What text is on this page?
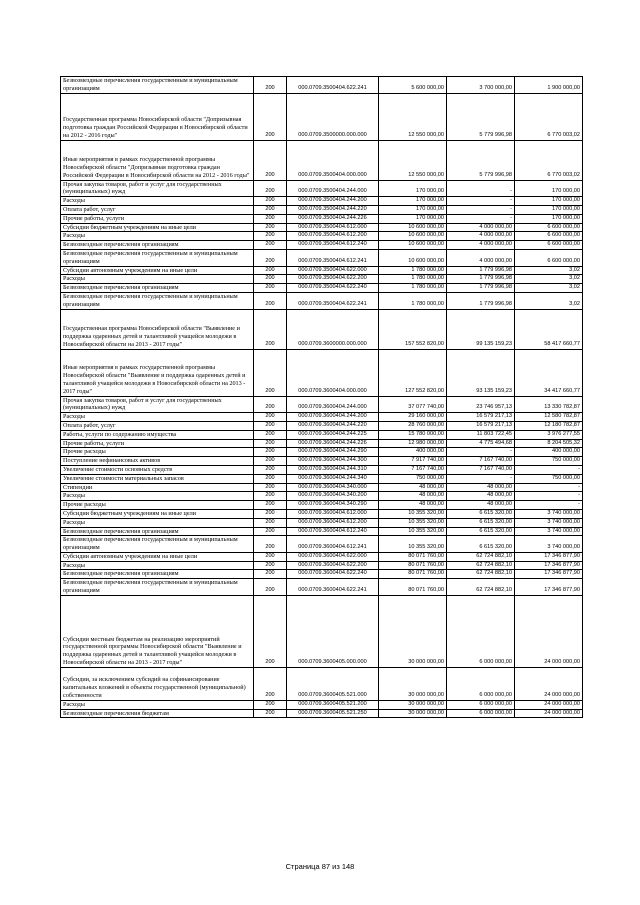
Безвозмездные перечисления государственным и муниципальным организациям	200	000.0709.3500404.622.241	5 600 000,00	3 700 000,00	1 900 000,00
Государственная программа Новосибирской области "Допризывная подготовка граждан Российской Федерации в Новосибирской области на 2012 - 2016 годы"	200	000.0709.3500000.000.000	12 550 000,00	5 779 996,98	6 770 003,02
Иные мероприятия в рамках государственной программы Новосибирской области "Допризывная подготовка граждан Российской Федерации в Новосибирской области на 2012 - 2016 годы"	200	000.0709.3500404.000.000	12 550 000,00	5 779 996,98	6 770 003,02
Прочая закупка товаров, работ и услуг для государственных (муниципальных) нужд	200	000.0709.3500404.244.000	170 000,00	-	170 000,00
Расходы	200	000.0709.3500404.244.200	170 000,00	-	170 000,00
Оплата работ, услуг	200	000.0709.3500404.244.220	170 000,00	-	170 000,00
Прочие работы, услуги	200	000.0709.3500404.244.226	170 000,00	-	170 000,00
Субсидии бюджетным учреждениям на иные цели	200	000.0709.3500404.612.000	10 600 000,00	4 000 000,00	6 600 000,00
Расходы	200	000.0709.3500404.612.200	10 600 000,00	4 000 000,00	6 600 000,00
Безвозмездные перечисления организациям	200	000.0709.3500404.612.240	10 600 000,00	4 000 000,00	6 600 000,00
Безвозмездные перечисления государственным и муниципальным организациям	200	000.0709.3500404.612.241	10 600 000,00	4 000 000,00	6 600 000,00
Субсидии автономным учреждениям на иные цели	200	000.0709.3500404.622.000	1 780 000,00	1 779 996,98	3,02
Расходы	200	000.0709.3500404.622.200	1 780 000,00	1 779 996,98	3,02
Безвозмездные перечисления организациям	200	000.0709.3500404.622.240	1 780 000,00	1 779 996,98	3,02
Безвозмездные перечисления государственным и муниципальным организациям	200	000.0709.3500404.622.241	1 780 000,00	1 779 996,98	3,02
Государственная программа Новосибирской области "Выявление и поддержка одаренных детей и талантливой учащейся молодежи в Новосибирской области на 2013 - 2017 годы"	200	000.0709.3600000.000.000	157 552 820,00	99 135 159,23	58 417 660,77
Иные мероприятия в рамках государственной программы Новосибирской области "Выявление и поддержка одаренных детей и талантливой учащейся молодежи в Новосибирской области на 2013 - 2017 годы"	200	000.0709.3600404.000.000	127 552 820,00	93 135 159,23	34 417 660,77
Прочая закупка товаров, работ и услуг для государственных (муниципальных) нужд	200	000.0709.3600404.244.000	37 077 740,00	23 746 957,13	13 330 782,87
Расходы	200	000.0709.3600404.244.200	29 160 000,00	16 579 217,13	12 580 782,87
Оплата работ, услуг	200	000.0709.3600404.244.220	28 760 000,00	16 579 217,13	12 180 782,87
Работы, услуги по содержанию имущества	200	000.0709.3600404.244.225	15 780 000,00	11 803 722,45	3 976 277,55
Прочие работы, услуги	200	000.0709.3600404.244.226	12 980 000,00	4 775 494,68	8 204 505,32
Прочие расходы	200	000.0709.3600404.244.290	400 000,00	-	400 000,00
Поступление нефинансовых активов	200	000.0709.3600404.244.300	7 917 740,00	7 167 740,00	750 000,00
Увеличение стоимости основных средств	200	000.0709.3600404.244.310	7 167 740,00	7 167 740,00	-
Увеличение стоимости материальных запасов	200	000.0709.3600404.244.340	750 000,00	-	750 000,00
Стипендии	200	000.0709.3600404.340.000	48 000,00	48 000,00	-
Расходы	200	000.0709.3600404.340.200	48 000,00	48 000,00	-
Прочие расходы	200	000.0709.3600404.340.290	48 000,00	48 000,00	-
Субсидии бюджетным учреждениям на иные цели	200	000.0709.3600404.612.000	10 355 320,00	6 615 320,00	3 740 000,00
Расходы	200	000.0709.3600404.612.200	10 355 320,00	6 615 320,00	3 740 000,00
Безвозмездные перечисления организациям	200	000.0709.3600404.612.240	10 355 320,00	6 615 320,00	3 740 000,00
Безвозмездные перечисления государственным и муниципальным организациям	200	000.0709.3600404.612.241	10 355 320,00	6 615 320,00	3 740 000,00
Субсидии автономным учреждениям на иные цели	200	000.0709.3600404.622.000	80 071 760,00	62 724 882,10	17 346 877,90
Расходы	200	000.0709.3600404.622.200	80 071 760,00	62 724 882,10	17 346 877,90
Безвозмездные перечисления организациям	200	000.0709.3600404.622.240	80 071 760,00	62 724 882,10	17 346 877,90
Безвозмездные перечисления государственным и муниципальным организациям	200	000.0709.3600404.622.241	80 071 760,00	62 724 882,10	17 346 877,90
Субсидии местным бюджетам на реализацию мероприятий государственной программы Новосибирской области "Выявление и поддержка одаренных детей и талантливой учащейся молодежи в Новосибирской области на 2013 - 2017 годы"	200	000.0709.3600405.000.000	30 000 000,00	6 000 000,00	24 000 000,00
Субсидии, за исключением субсидий на софинансирование капитальных вложений в объекты государственной (муниципальной) собственности	200	000.0709.3600405.521.000	30 000 000,00	6 000 000,00	24 000 000,00
Расходы	200	000.0709.3600405.521.200	30 000 000,00	6 000 000,00	24 000 000,00
Безвозмездные перечисления бюджетам	200	000.0709.3600405.521.250	30 000 000,00	6 000 000,00	24 000 000,00
Страница 87 из 148
